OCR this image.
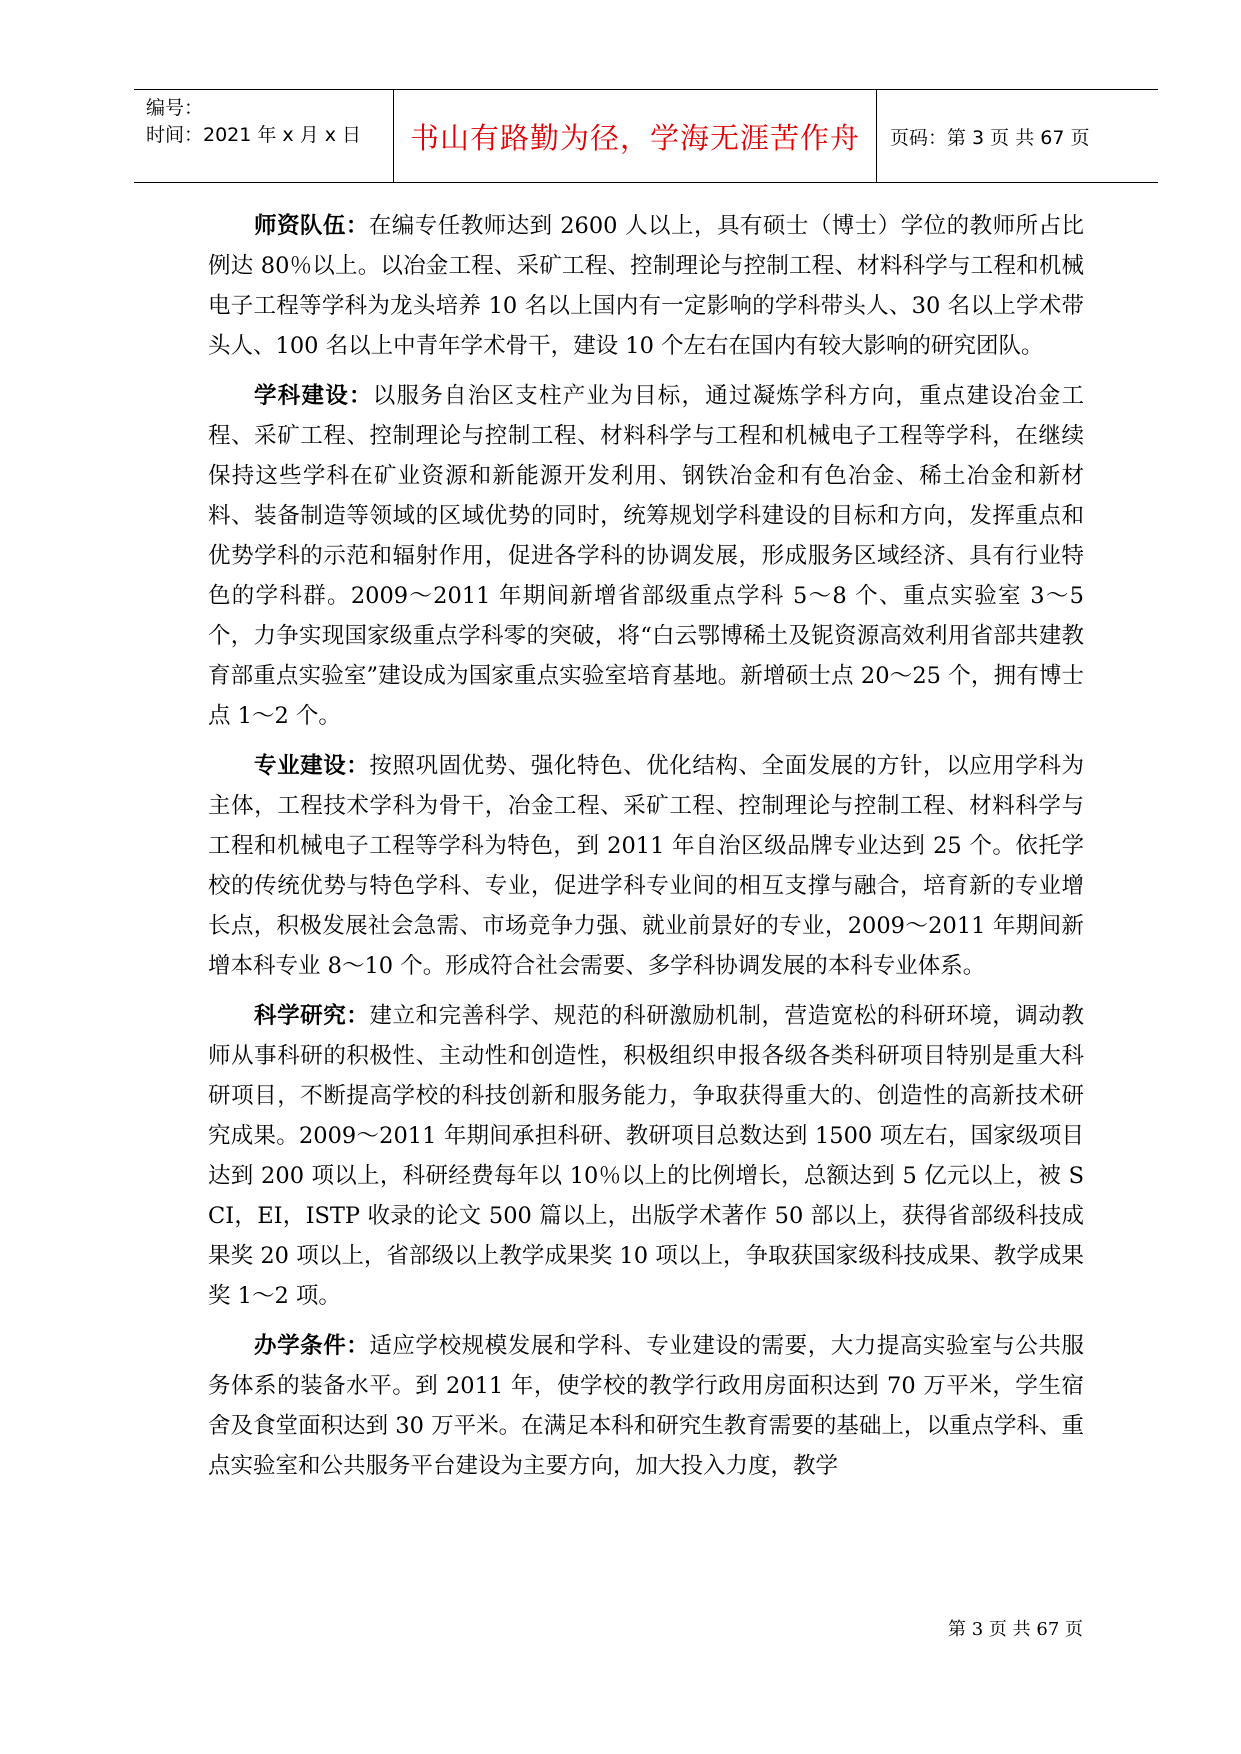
编号：
时间：2021 年 x 月 x 日	书山有路勤为径，学海无涯苦作舟	页码：第 3 页 共 67 页

师资队伍：在编专任教师达到 2600 人以上，具有硕士（博士）学位的教师所占比例达 80％以上。以冶金工程、采矿工程、控制理论与控制工程、材料科学与工程和机械电子工程等学科为龙头培养 10 名以上国内有一定影响的学科带头人、30 名以上学术带头人、100 名以上中青年学术骨干，建设 10 个左右在国内有较大影响的研究团队。

学科建设：以服务自治区支柱产业为目标，通过凝炼学科方向，重点建设冶金工程、采矿工程、控制理论与控制工程、材料科学与工程和机械电子工程等学科，在继续保持这些学科在矿业资源和新能源开发利用、钢铁冶金和有色冶金、稀土冶金和新材料、装备制造等领域的区域优势的同时，统筹规划学科建设的目标和方向，发挥重点和优势学科的示范和辐射作用，促进各学科的协调发展，形成服务区域经济、具有行业特色的学科群。2009～2011 年期间新增省部级重点学科 5～8 个、重点实验室 3～5 个，力争实现国家级重点学科零的突破，将“白云鄂博稀土及铌资源高效利用省部共建教育部重点实验室”建设成为国家重点实验室培育基地。新增硕士点 20～25 个，拥有博士点 1～2 个。

专业建设：按照巩固优势、强化特色、优化结构、全面发展的方针，以应用学科为主体，工程技术学科为骨干，冶金工程、采矿工程、控制理论与控制工程、材料科学与工程和机械电子工程等学科为特色，到 2011 年自治区级品牌专业达到 25 个。依托学校的传统优势与特色学科、专业，促进学科专业间的相互支撑与融合，培育新的专业增长点，积极发展社会急需、市场竞争力强、就业前景好的专业，2009～2011 年期间新增本科专业 8～10 个。形成符合社会需要、多学科协调发展的本科专业体系。

科学研究：建立和完善科学、规范的科研激励机制，营造宽松的科研环境，调动教师从事科研的积极性、主动性和创造性，积极组织申报各级各类科研项目特别是重大科研项目，不断提高学校的科技创新和服务能力，争取获得重大的、创造性的高新技术研究成果。2009～2011 年期间承担科研、教研项目总数达到 1500 项左右，国家级项目达到 200 项以上，科研经费每年以 10％以上的比例增长，总额达到 5 亿元以上，被 SCI，EI，ISTP 收录的论文 500 篇以上，出版学术著作 50 部以上，获得省部级科技成果奖 20 项以上，省部级以上教学成果奖 10 项以上，争取获国家级科技成果、教学成果奖 1～2 项。

办学条件：适应学校规模发展和学科、专业建设的需要，大力提高实验室与公共服务体系的装备水平。到 2011 年，使学校的教学行政用房面积达到 70 万平米，学生宿舍及食堂面积达到 30 万平米。在满足本科和研究生教育需要的基础上，以重点学科、重点实验室和公共服务平台建设为主要方向，加大投入力度，教学

第 3 页 共 67 页
